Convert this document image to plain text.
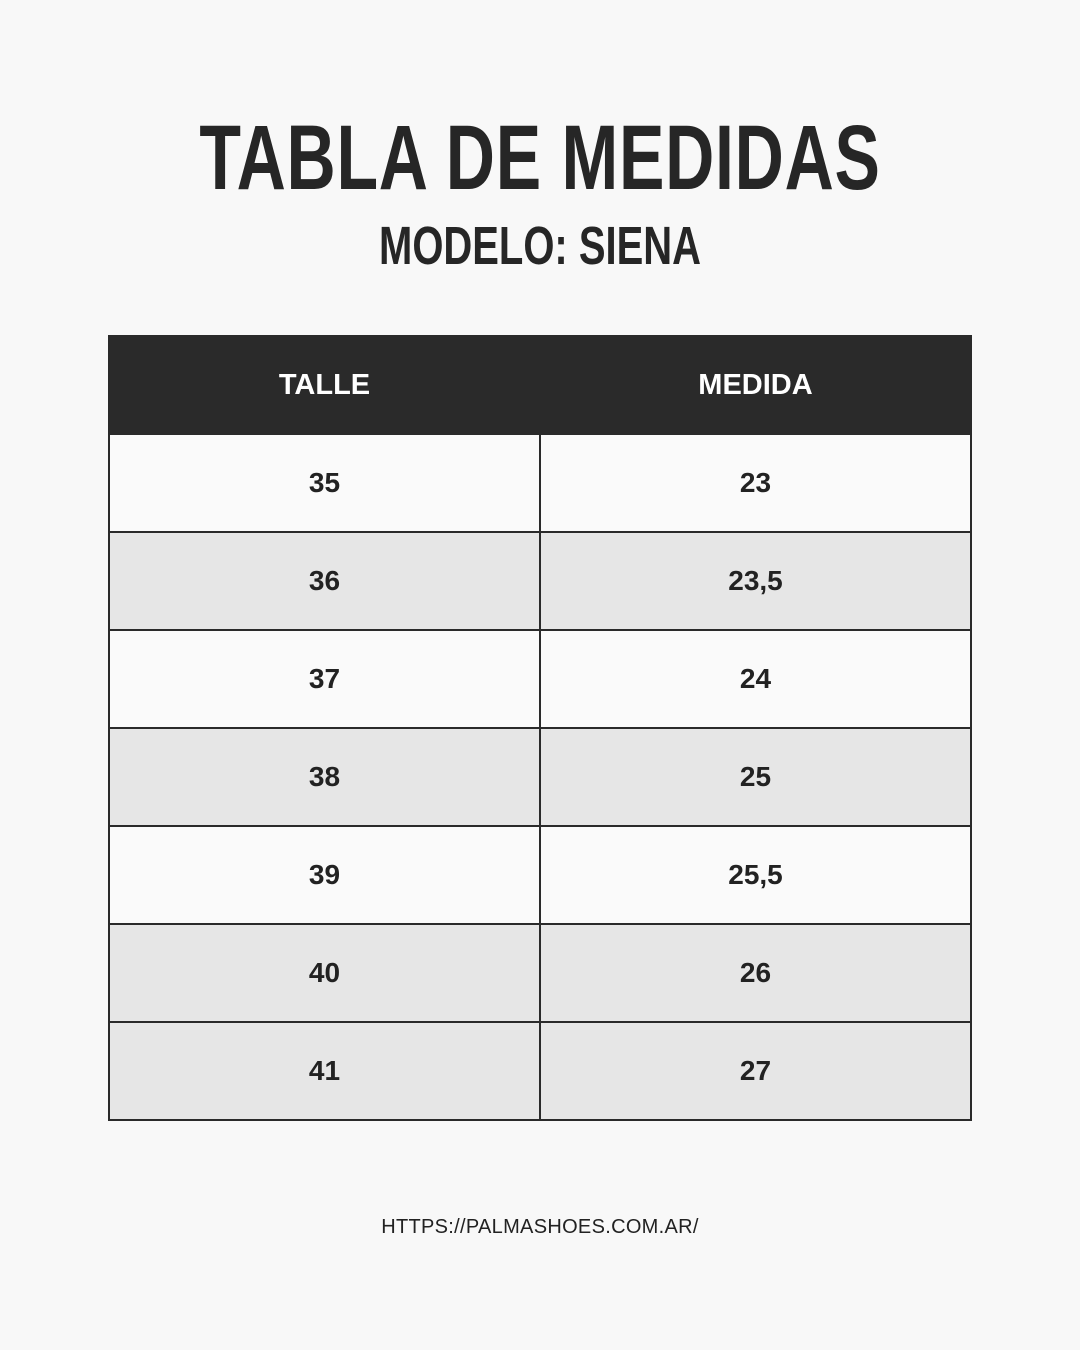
TABLA DE MEDIDAS
MODELO: SIENA
TALLE	MEDIDA
35	23
36	23,5
37	24
38	25
39	25,5
40	26
41	27
HTTPS://PALMASHOES.COM.AR/
